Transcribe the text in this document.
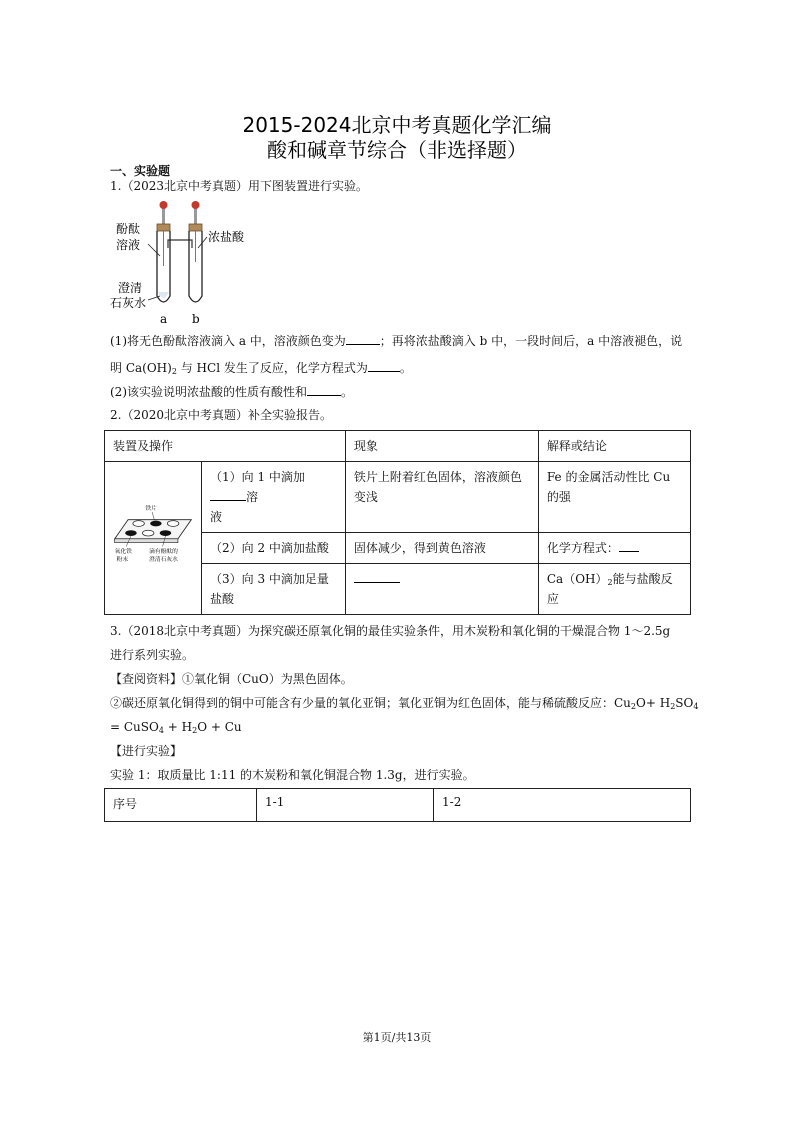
2015-2024北京中考真题化学汇编
酸和碱章节综合（非选择题）
一、实验题
1.（2023北京中考真题）用下图装置进行实验。
酚酞
溶液
浓盐酸
澄清
石灰水
a b
(1)将无色酚酞溶液滴入 a 中，溶液颜色变为	；再将浓盐酸滴入 b 中，一段时间后，a 中溶液褪色，说
明 $Ca(OH)_2$ 与 HCl 发生了反应，化学方程式为	。
(2)该实验说明浓盐酸的性质有酸性和	。
2.（2020北京中考真题）补全实验报告。
装置及操作		现象	解释或结论

铁片
氧化铁
粉末
滴有酚酞的
澄清石灰水	（1）向 1 中滴加溶
液	铁片上附着红色固体，溶液颜色变浅	Fe 的金属活动性比 Cu 的强
	（2）向 2 中滴加盐酸	固体减少，得到黄色溶液	化学方程式：
	（3）向 3 中滴加足量盐酸		$Ca(OH)_2$能与盐酸反应
3.（2018北京中考真题）为探究碳还原氧化铜的最佳实验条件，用木炭粉和氧化铜的干燥混合物 1～2.5g
进行系列实验。
【查阅资料】①氧化铜（CuO）为黑色固体。
②碳还原氧化铜得到的铜中可能含有少量的氧化亚铜；氧化亚铜为红色固体，能与稀硫酸反应：$Cu_2O+ H_2SO_4$
= CuSO$_4$ + $H_2O + Cu$
【进行实验】
实验 1：取质量比 1:11 的木炭粉和氧化铜混合物 1.3g，进行实验。
序号	1-1	1-2
第1页/共13页
